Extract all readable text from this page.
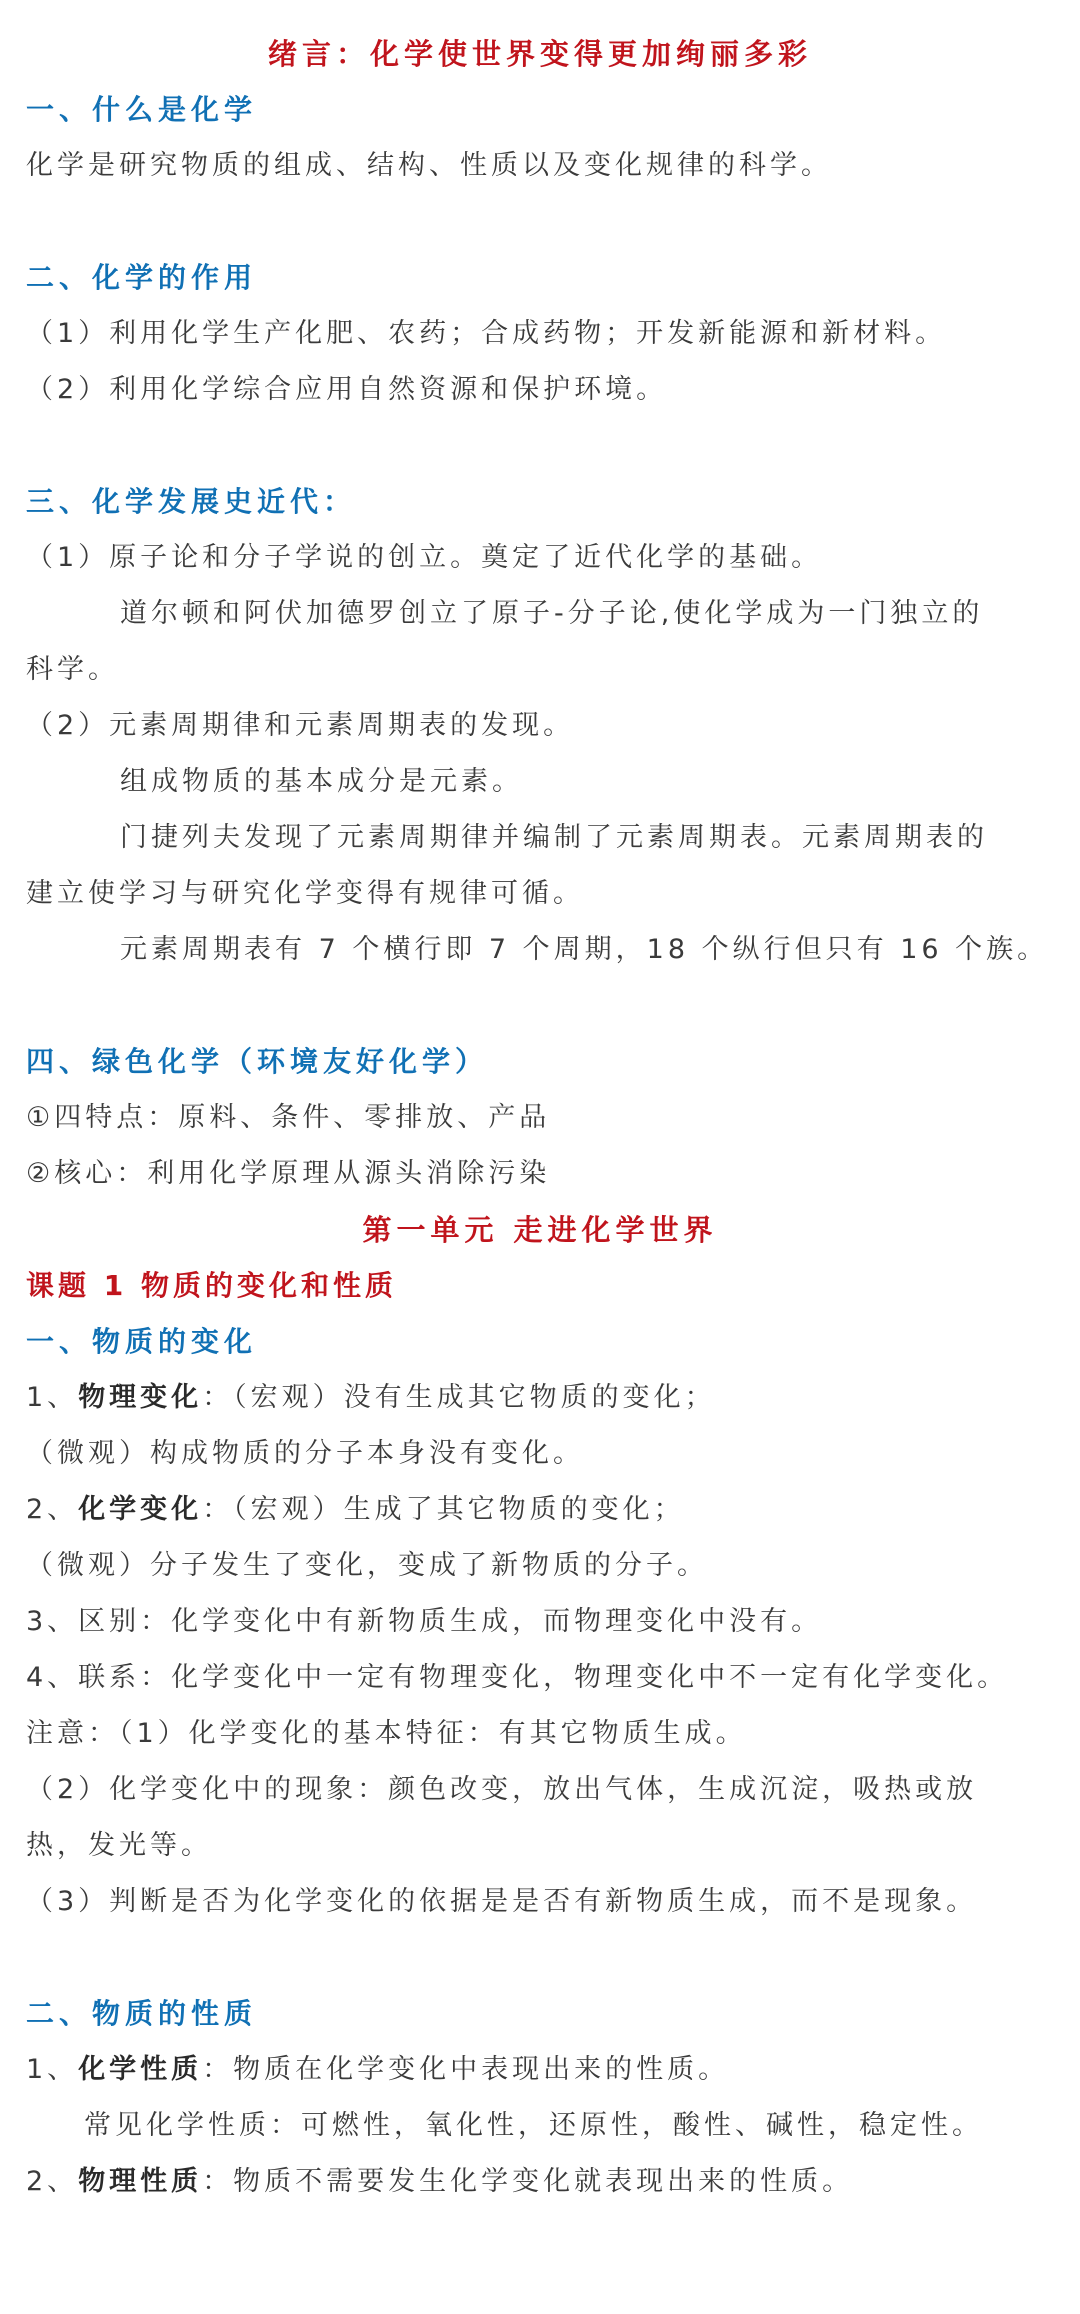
绪言：化学使世界变得更加绚丽多彩
一、什么是化学
化学是研究物质的组成、结构、性质以及变化规律的科学。
二、化学的作用
（1）利用化学生产化肥、农药；合成药物；开发新能源和新材料。
（2）利用化学综合应用自然资源和保护环境。
三、化学发展史近代：
（1）原子论和分子学说的创立。奠定了近代化学的基础。
道尔顿和阿伏加德罗创立了原子-分子论,使化学成为一门独立的
科学。
（2）元素周期律和元素周期表的发现。
组成物质的基本成分是元素。
门捷列夫发现了元素周期律并编制了元素周期表。元素周期表的
建立使学习与研究化学变得有规律可循。
元素周期表有 7 个横行即 7 个周期，18 个纵行但只有 16 个族。
四、绿色化学（环境友好化学）
①四特点：原料、条件、零排放、产品
②核心：利用化学原理从源头消除污染
第一单元 走进化学世界
课题 1 物质的变化和性质
一、物质的变化
1、物理变化：（宏观）没有生成其它物质的变化；
（微观）构成物质的分子本身没有变化。
2、化学变化：（宏观）生成了其它物质的变化；
（微观）分子发生了变化，变成了新物质的分子。
3、区别：化学变化中有新物质生成，而物理变化中没有。
4、联系：化学变化中一定有物理变化，物理变化中不一定有化学变化。
注意：（1）化学变化的基本特征：有其它物质生成。
（2）化学变化中的现象：颜色改变，放出气体，生成沉淀，吸热或放
热，发光等。
（3）判断是否为化学变化的依据是是否有新物质生成，而不是现象。
二、物质的性质
1、化学性质：物质在化学变化中表现出来的性质。
常见化学性质：可燃性，氧化性，还原性，酸性、碱性，稳定性。
2、物理性质：物质不需要发生化学变化就表现出来的性质。
